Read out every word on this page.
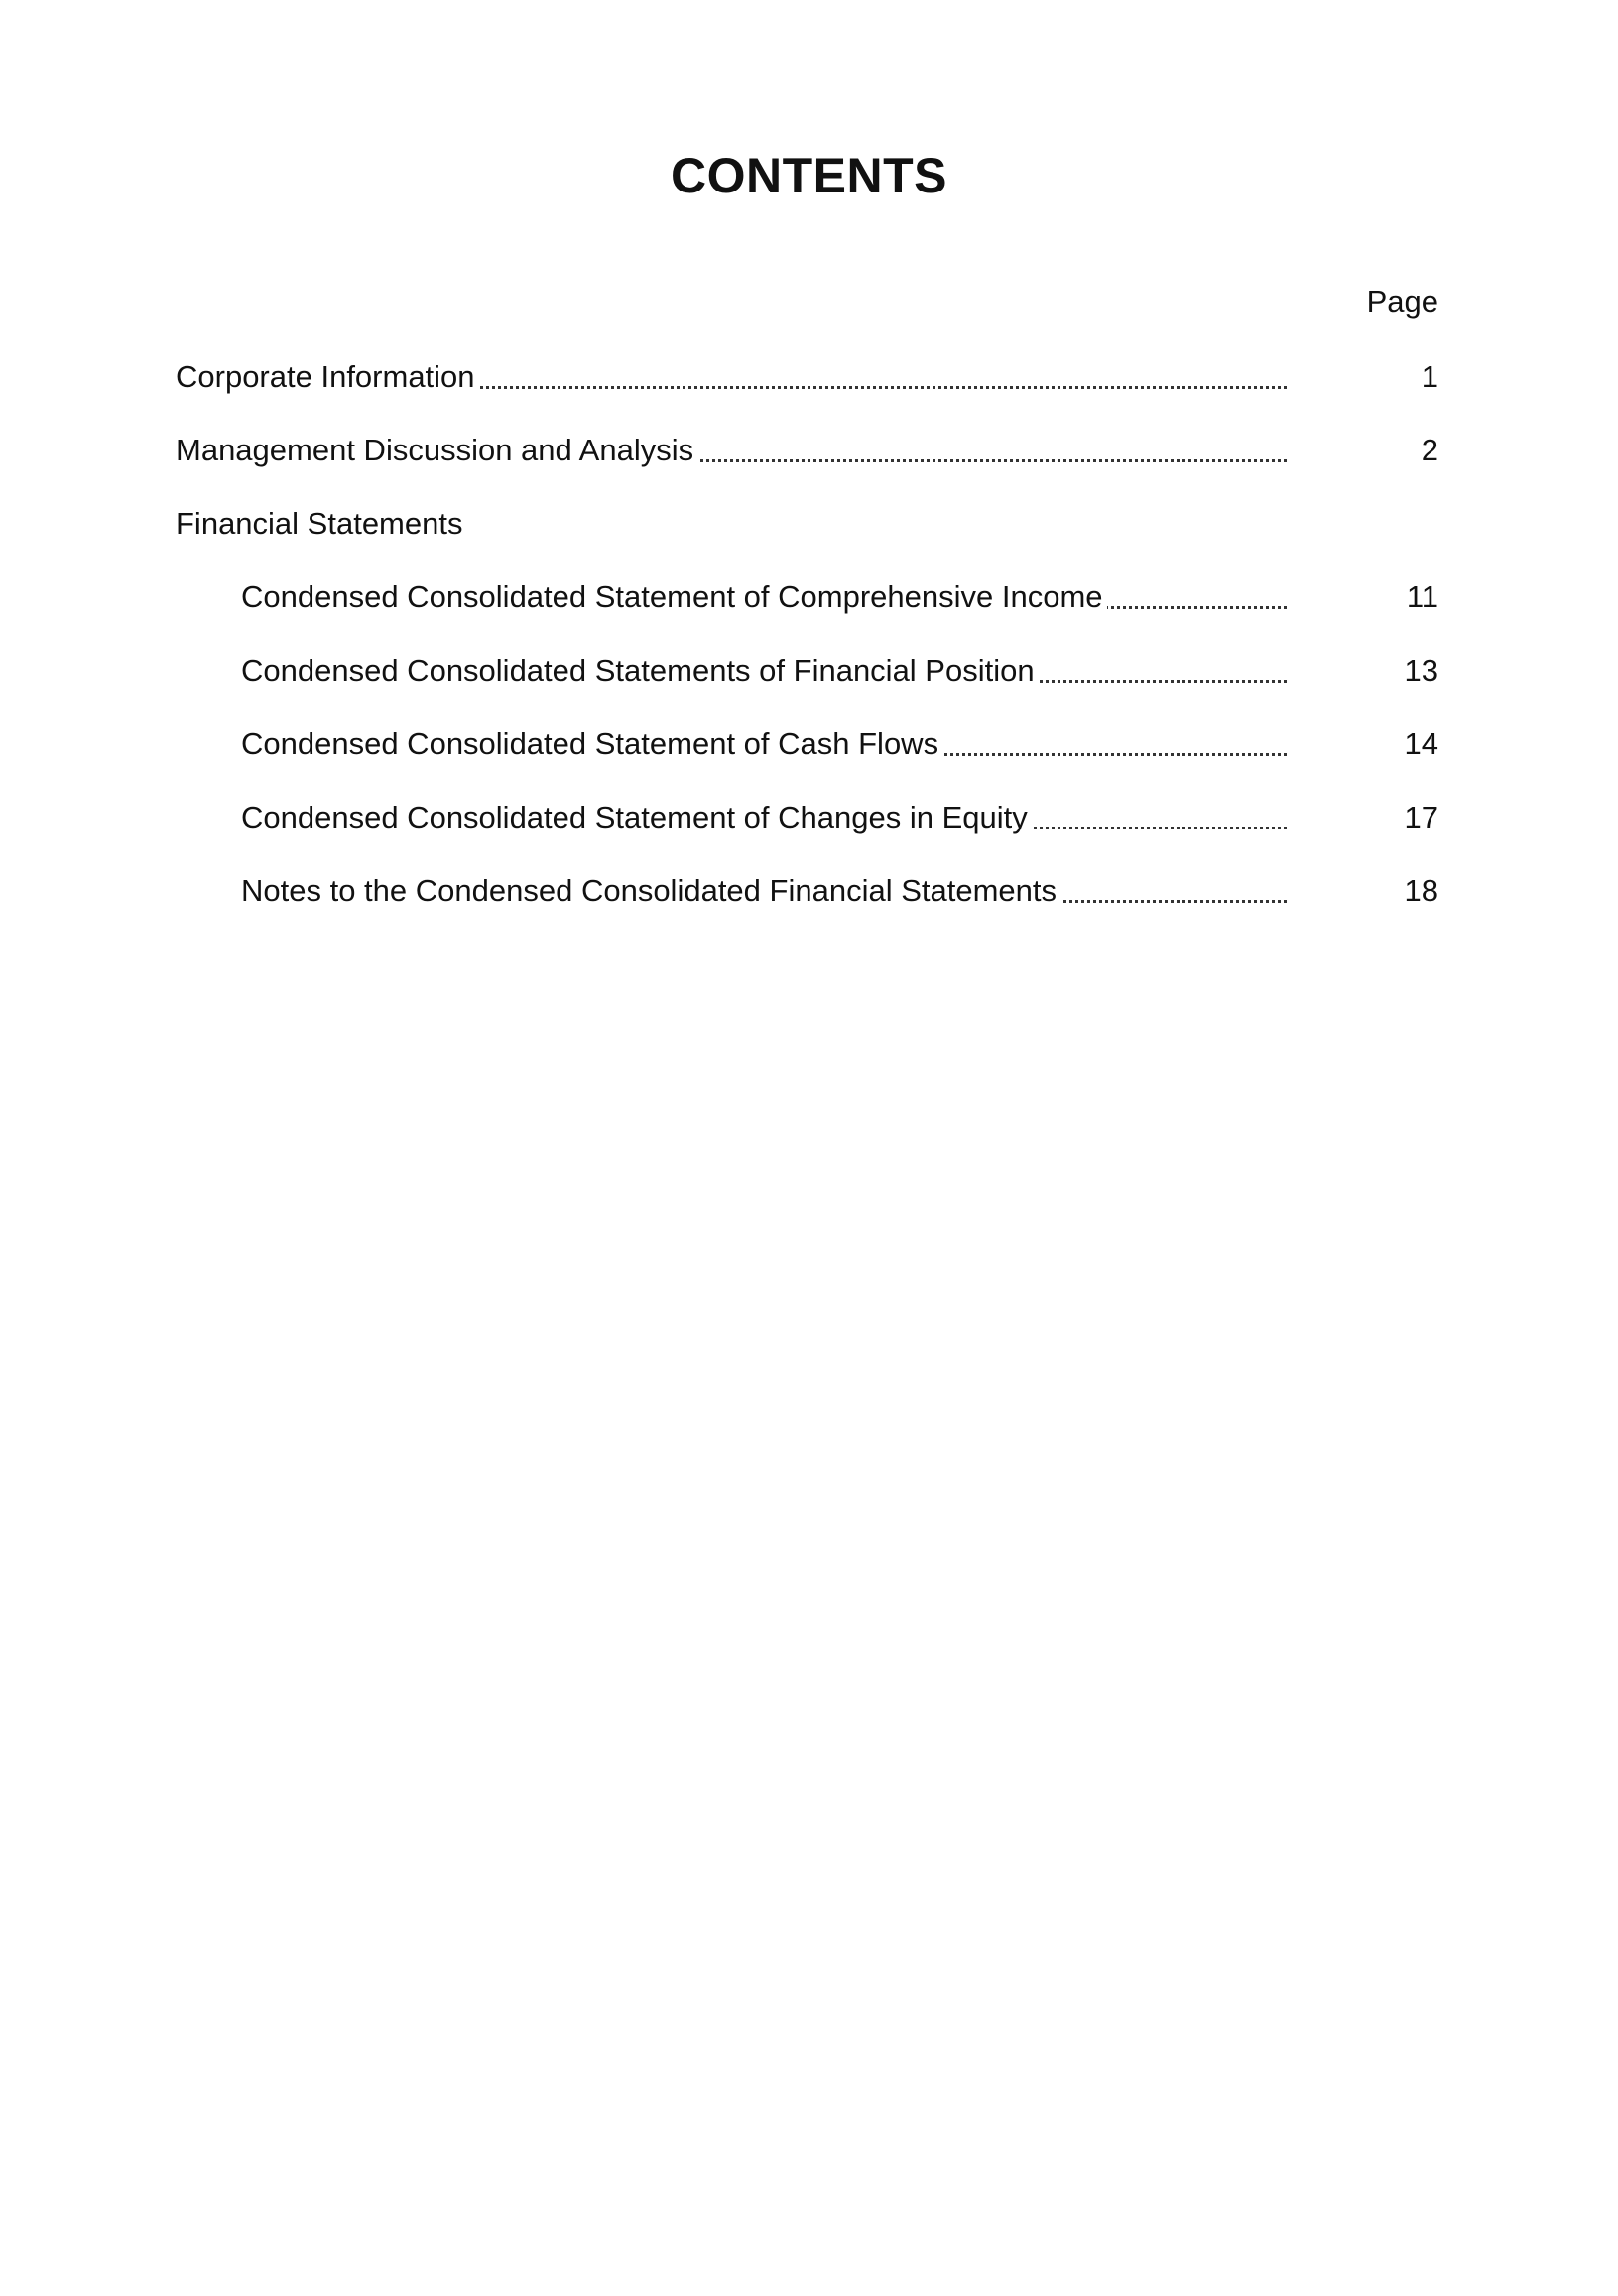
CONTENTS
Page
Corporate Information	1
Management Discussion and Analysis	2
Financial Statements
Condensed Consolidated Statement of Comprehensive Income	11
Condensed Consolidated Statements of Financial Position	13
Condensed Consolidated Statement of Cash Flows	14
Condensed Consolidated Statement of Changes in Equity	17
Notes to the Condensed Consolidated Financial Statements	18
